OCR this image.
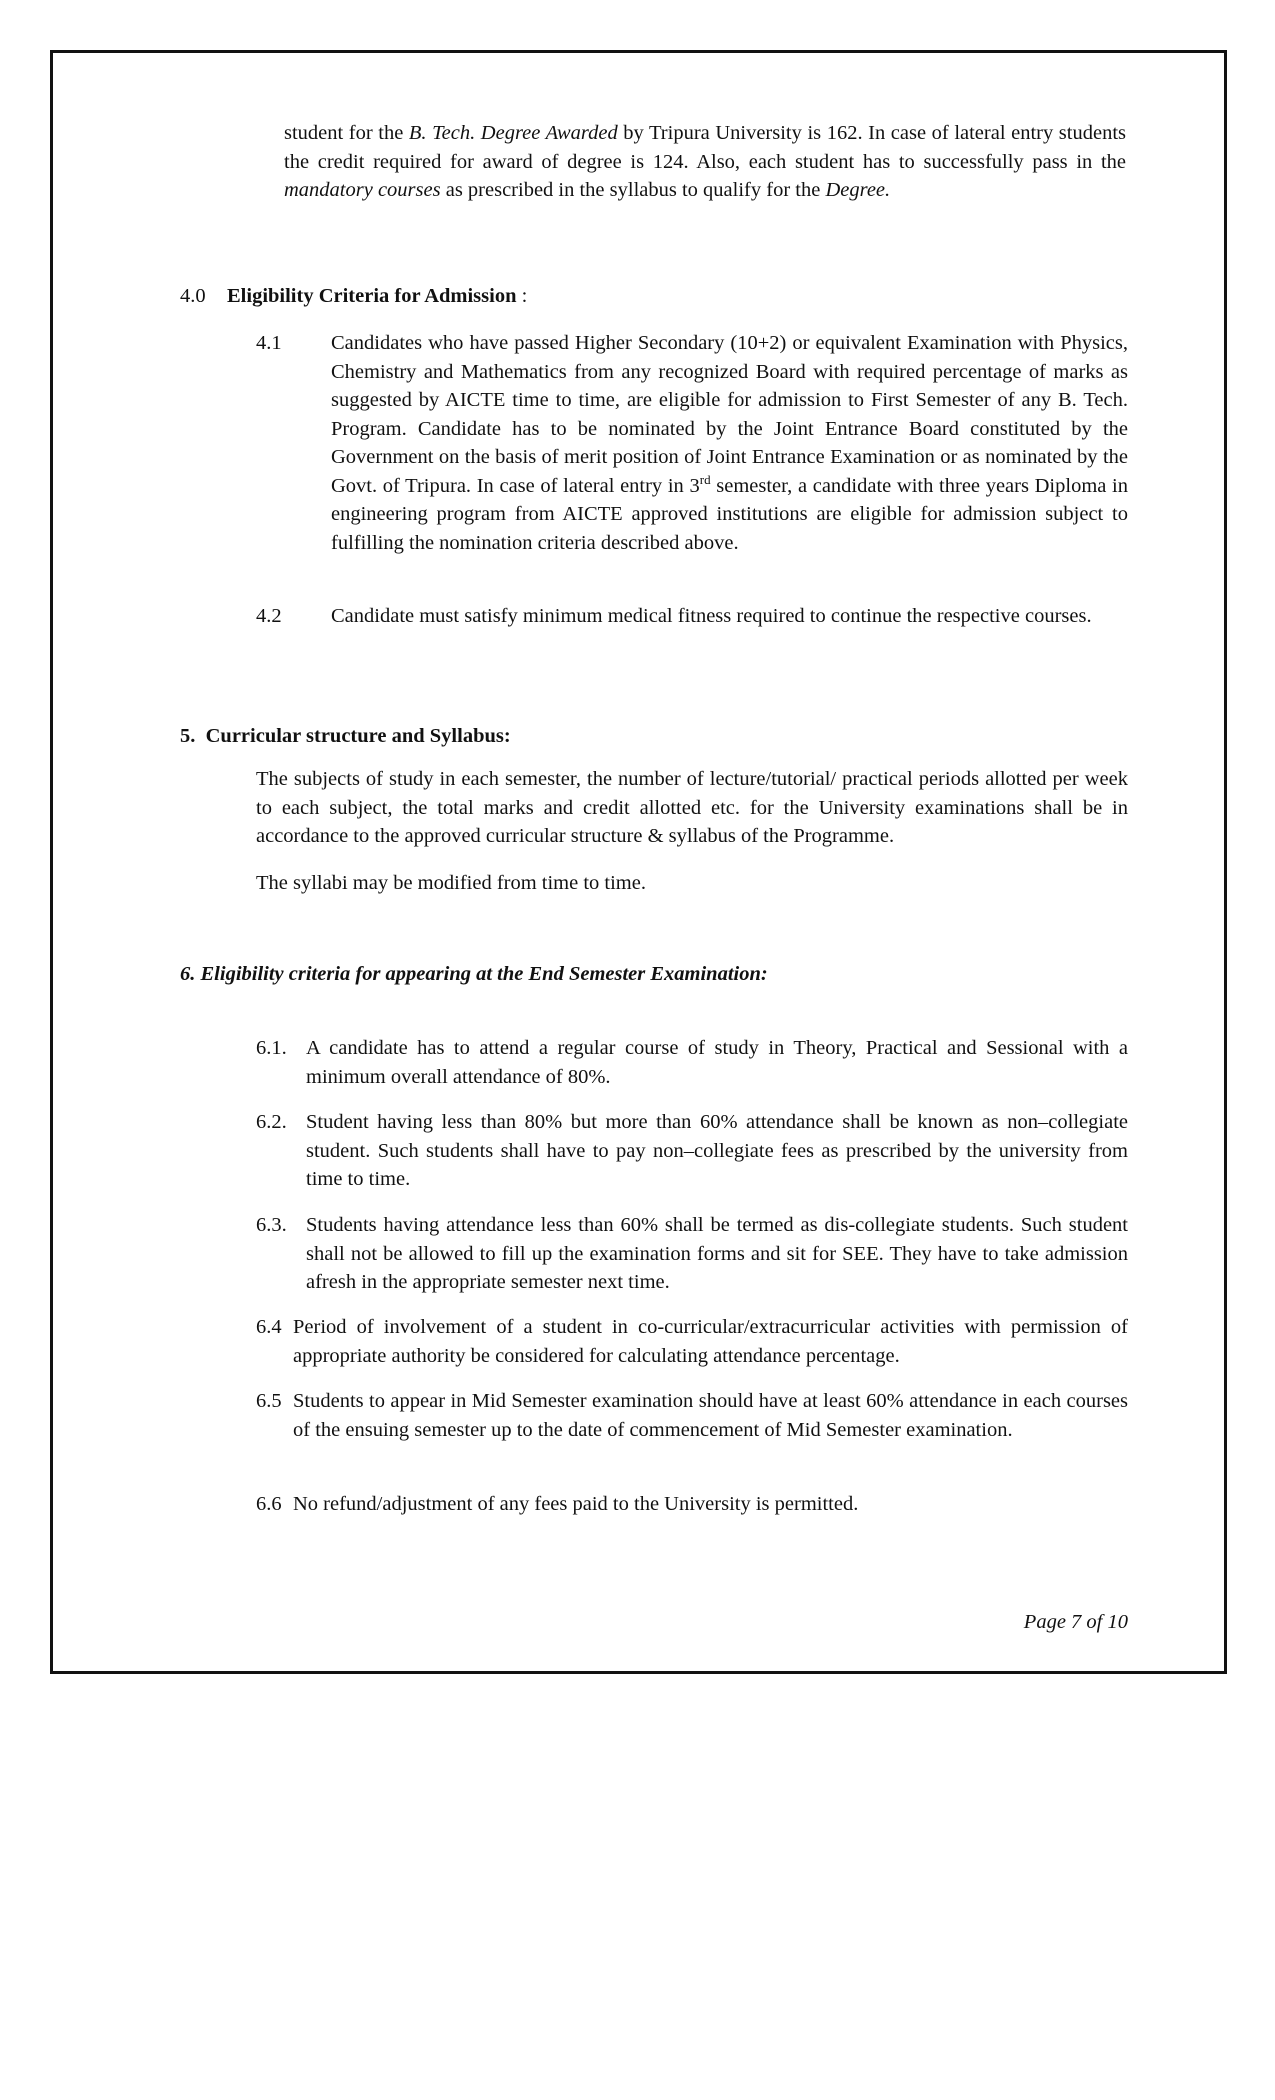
student for the B. Tech. Degree Awarded by Tripura University is 162. In case of lateral entry students the credit required for award of degree is 124. Also, each student has to successfully pass in the mandatory courses as prescribed in the syllabus to qualify for the Degree.
4.0 Eligibility Criteria for Admission :
4.1 Candidates who have passed Higher Secondary (10+2) or equivalent Examination with Physics, Chemistry and Mathematics from any recognized Board with required percentage of marks as suggested by AICTE time to time, are eligible for admission to First Semester of any B. Tech. Program. Candidate has to be nominated by the Joint Entrance Board constituted by the Government on the basis of merit position of Joint Entrance Examination or as nominated by the Govt. of Tripura. In case of lateral entry in 3rd semester, a candidate with three years Diploma in engineering program from AICTE approved institutions are eligible for admission subject to fulfilling the nomination criteria described above.
4.2 Candidate must satisfy minimum medical fitness required to continue the respective courses.
5.  Curricular structure and Syllabus:
The subjects of study in each semester, the number of lecture/tutorial/ practical periods allotted per week to each subject, the total marks and credit allotted etc. for the University examinations shall be in accordance to the approved curricular structure & syllabus of the Programme.
The syllabi may be modified from time to time.
6. Eligibility criteria for appearing at the End Semester Examination:
6.1. A candidate has to attend a regular course of study in Theory, Practical and Sessional with a minimum overall attendance of 80%.
6.2. Student having less than 80% but more than 60% attendance shall be known as non–collegiate student. Such students shall have to pay non–collegiate fees as prescribed by the university from time to time.
6.3. Students having attendance less than 60% shall be termed as dis-collegiate students. Such student shall not be allowed to fill up the examination forms and sit for SEE. They have to take admission afresh in the appropriate semester next time.
6.4 Period of involvement of a student in co-curricular/extracurricular activities with permission of appropriate authority be considered for calculating attendance percentage.
6.5 Students to appear in Mid Semester examination should have at least 60% attendance in each courses of the ensuing semester up to the date of commencement of Mid Semester examination.
6.6 No refund/adjustment of any fees paid to the University is permitted.
Page 7 of 10
